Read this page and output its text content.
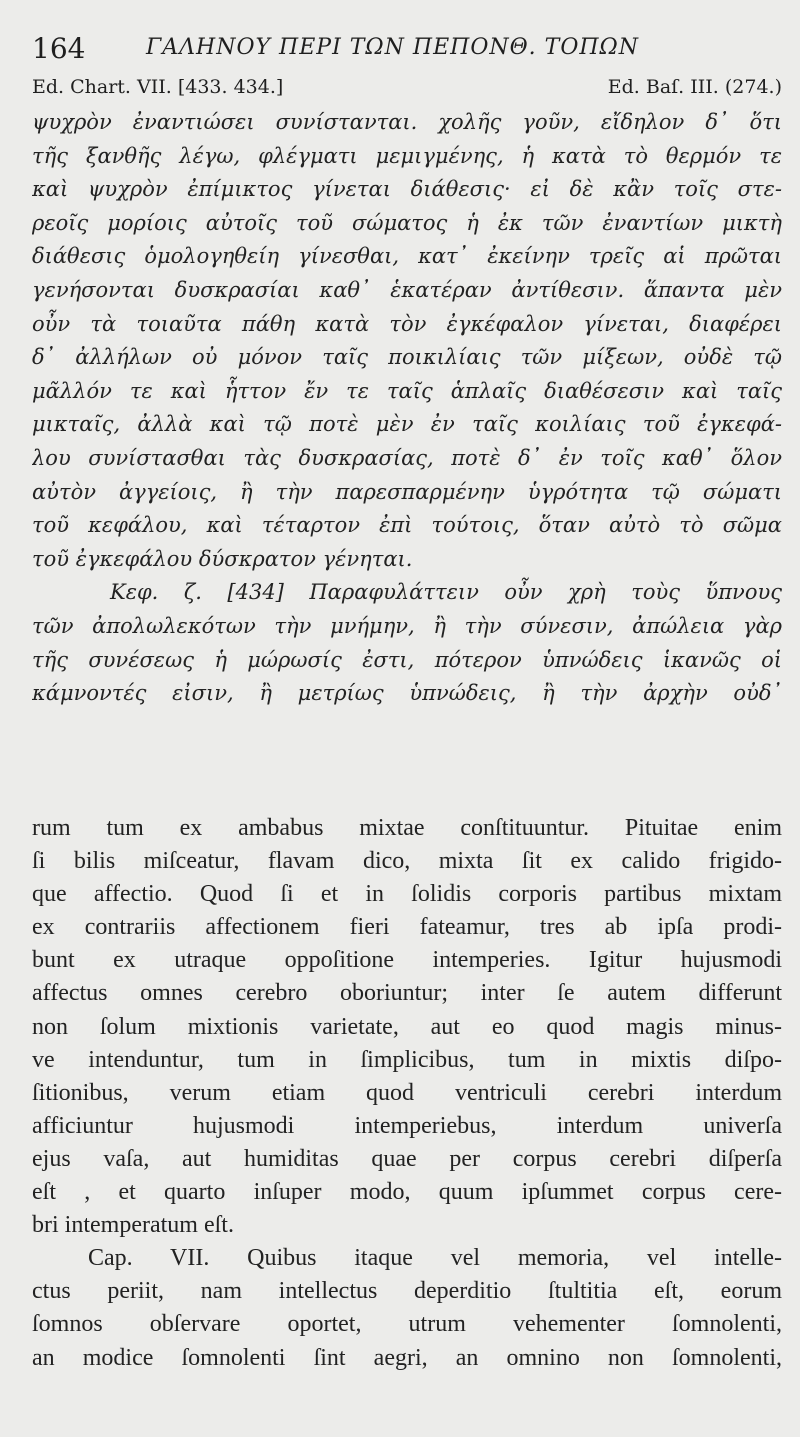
164	ΓΑΛΗΝΟΥ ΠΕΡΙ ΤΩΝ ΠΕΠΟΝΘ. ΤΟΠΩΝ
Ed. Chart. VII. [433. 434.]	Ed. Baſ. III. (274.)
ψυχρὸν ἐναντιώσει συνίστανται. χολῆς γοῦν, εἴδηλον δ᾽ ὅτι
τῆς ξανθῆς λέγω, φλέγματι μεμιγμένης, ἡ κατὰ τὸ θερμόν τε
καὶ ψυχρὸν ἐπίμικτος γίνεται διάθεσις· εἰ δὲ κἂν τοῖς στε-
ρεοῖς μορίοις αὐτοῖς τοῦ σώματος ἡ ἐκ τῶν ἐναντίων μικτὴ
διάθεσις ὁμολογηθείη γίνεσθαι, κατ᾽ ἐκείνην τρεῖς αἱ πρῶται
γενήσονται δυσκρασίαι καθ᾽ ἑκατέραν ἀντίθεσιν. ἅπαντα μὲν
οὖν τὰ τοιαῦτα πάθη κατὰ τὸν ἐγκέφαλον γίνεται, διαφέρει
δ᾽ ἀλλήλων οὐ μόνον ταῖς ποικιλίαις τῶν μίξεων, οὐδὲ τῷ
μᾶλλόν τε καὶ ἧττον ἔν τε ταῖς ἁπλαῖς διαθέσεσιν καὶ ταῖς
μικταῖς, ἀλλὰ καὶ τῷ ποτὲ μὲν ἐν ταῖς κοιλίαις τοῦ ἐγκεφά-
λου συνίστασθαι τὰς δυσκρασίας, ποτὲ δ᾽ ἐν τοῖς καθ᾽ ὅλον
αὐτὸν ἀγγείοις, ἢ τὴν παρεσπαρμένην ὑγρότητα τῷ σώματι
τοῦ κεφάλου, καὶ τέταρτον ἐπὶ τούτοις, ὅταν αὐτὸ τὸ σῶμα
τοῦ ἐγκεφάλου δύσκρατον γένηται.
Κεφ. ζ. [434] Παραφυλάττειν οὖν χρὴ τοὺς ὕπνους
τῶν ἀπολωλεκότων τὴν μνήμην, ἢ τὴν σύνεσιν, ἀπώλεια γὰρ
τῆς συνέσεως ἡ μώρωσίς ἐστι, πότερον ὑπνώδεις ἱκανῶς οἱ
κάμνοντές εἰσιν, ἢ μετρίως ὑπνώδεις, ἢ τὴν ἀρχὴν οὐδ᾽
rum tum ex ambabus mixtae conſtituuntur. Pituitae enim
ſi bilis miſceatur, flavam dico, mixta ſit ex calido frigido-
que affectio. Quod ſi et in ſolidis corporis partibus mixtam
ex contrariis affectionem fieri fateamur, tres ab ipſa prodi-
bunt ex utraque oppoſitione intemperies. Igitur hujusmodi
affectus omnes cerebro oboriuntur; inter ſe autem differunt
non ſolum mixtionis varietate, aut eo quod magis minus-
ve intenduntur, tum in ſimplicibus, tum in mixtis diſpo-
ſitionibus, verum etiam quod ventriculi cerebri interdum
afficiuntur hujusmodi intemperiebus, interdum univerſa
ejus vaſa, aut humiditas quae per corpus cerebri diſperſa
eſt , et quarto inſuper modo, quum ipſummet corpus cere-
bri intemperatum eſt.
Cap. VII. Quibus itaque vel memoria, vel intelle-
ctus periit, nam intellectus deperditio ſtultitia eſt, eorum
ſomnos obſervare oportet, utrum vehementer ſomnolenti,
an modice ſomnolenti ſint aegri, an omnino non ſomnolenti,
